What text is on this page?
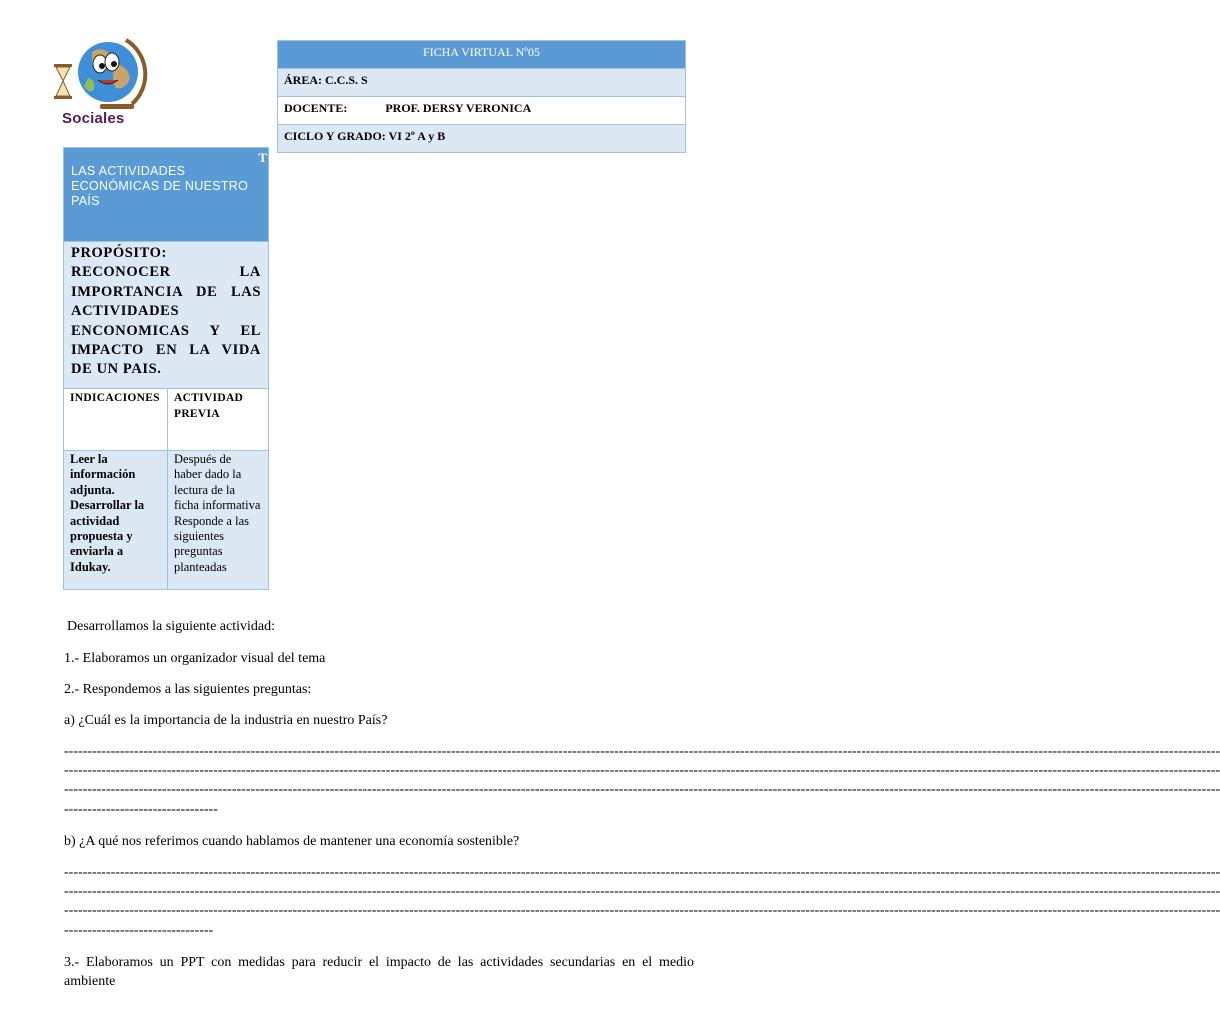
Sociales
FICHA VIRTUAL Nº05
ÁREA: C.C.S. S
DOCENTE:	PROF. DERSY VERONICA
CICLO Y GRADO: VI 2º A y B
T
LAS ACTIVIDADES ECONÓMICAS DE NUESTRO PAÍS	

PROPÓSITO:
RECONOCER LA IMPORTANCIA DE LAS ACTIVIDADES ENCONOMICAS Y EL IMPACTO EN LA VIDA DE UN PAIS.	

INDICACIONES	ACTIVIDAD PREVIA
Leer la información adjunta. Desarrollar la actividad propuesta y enviarla a Idukay.	Después de haber dado la lectura de la ficha informativa Responde a las siguientes preguntas planteadas
Desarrollamos la siguiente actividad:
1.- Elaboramos un organizador visual del tema
2.- Respondemos a las siguientes preguntas:
a) ¿Cuál es la importancia de la industria en nuestro País?
--------------------------------------------------------------------------------------------------------------------------------------------------------------------------------------------------------------------------------------------------------

--------------------------------------------------------------------------------------------------------------------------------------------------------------------------------------------------------------------------------------------------------
--------------------------------------------------------------------------------------------------------------------------------------------------------------------------------------------------------------------------------------------------------
---------------------------------
b) ¿A qué nos referimos cuando hablamos de mantener una economía sostenible?
--------------------------------------------------------------------------------------------------------------------------------------------------------------------------------------------------------------------------------------------------------
--------------------------------------------------------------------------------------------------------------------------------------------------------------------------------------------------------------------------------------------------------
--------------------------------------------------------------------------------------------------------------------------------------------------------------------------------------------------------------------------------------------------------
--------------------------------
3.- Elaboramos un PPT con medidas para reducir el impacto de las actividades secundarias en el medio ambiente
